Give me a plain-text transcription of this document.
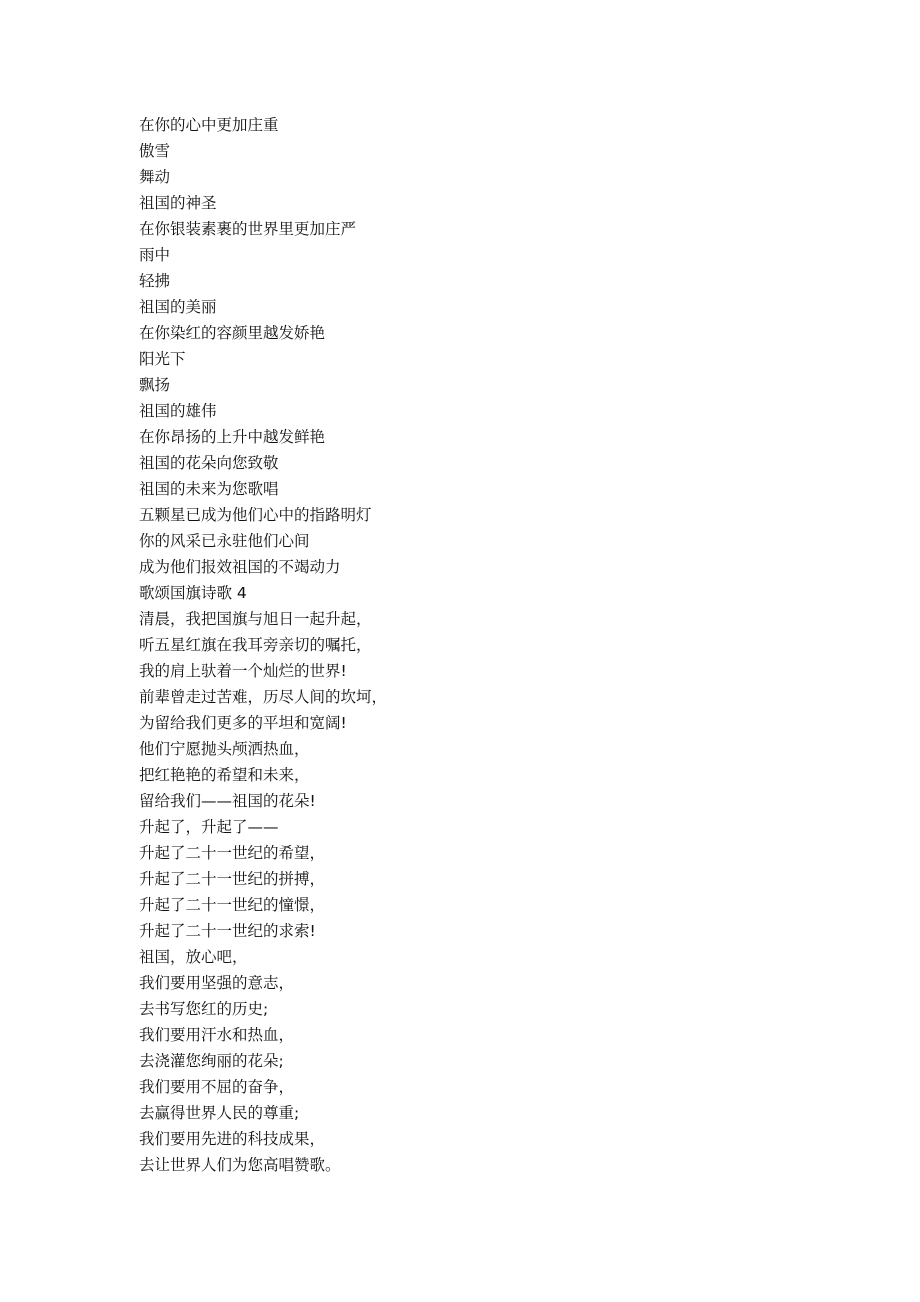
在你的心中更加庄重
傲雪
舞动
祖国的神圣
在你银装素裹的世界里更加庄严
雨中
轻拂
祖国的美丽
在你染红的容颜里越发娇艳
阳光下
飘扬
祖国的雄伟
在你昂扬的上升中越发鲜艳
祖国的花朵向您致敬
祖国的未来为您歌唱
五颗星已成为他们心中的指路明灯
你的风采已永驻他们心间
成为他们报效祖国的不竭动力
歌颂国旗诗歌 4
清晨，我把国旗与旭日一起升起，
听五星红旗在我耳旁亲切的嘱托，
我的肩上驮着一个灿烂的世界!
前辈曾走过苦难，历尽人间的坎坷，
为留给我们更多的平坦和宽阔!
他们宁愿抛头颅洒热血，
把红艳艳的希望和未来，
留给我们——祖国的花朵!
升起了，升起了——
升起了二十一世纪的希望，
升起了二十一世纪的拼搏，
升起了二十一世纪的憧憬，
升起了二十一世纪的求索!
祖国，放心吧，
我们要用坚强的意志，
去书写您红的历史;
我们要用汗水和热血，
去浇灌您绚丽的花朵;
我们要用不屈的奋争，
去赢得世界人民的尊重;
我们要用先进的科技成果，
去让世界人们为您高唱赞歌。
